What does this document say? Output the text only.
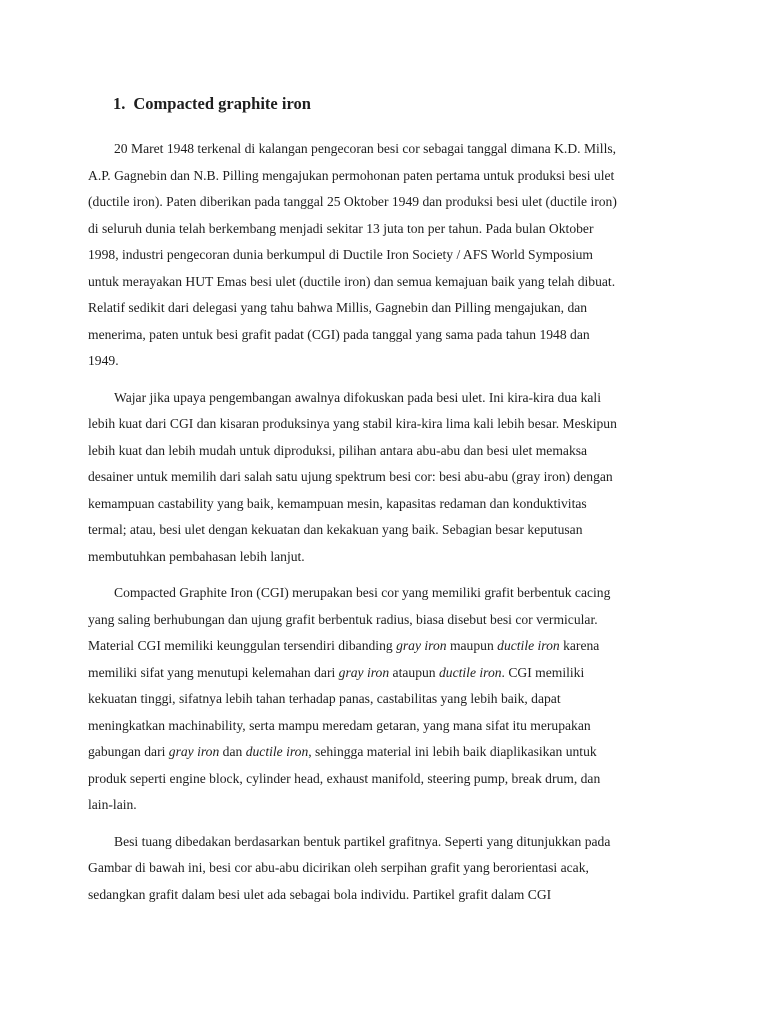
1. Compacted graphite iron

20 Maret 1948 terkenal di kalangan pengecoran besi cor sebagai tanggal dimana K.D. Mills,
A.P. Gagnebin dan N.B. Pilling mengajukan permohonan paten pertama untuk produksi besi ulet
(ductile iron). Paten diberikan pada tanggal 25 Oktober 1949 dan produksi besi ulet (ductile iron)
di seluruh dunia telah berkembang menjadi sekitar 13 juta ton per tahun. Pada bulan Oktober
1998, industri pengecoran dunia berkumpul di Ductile Iron Society / AFS World Symposium
untuk merayakan HUT Emas besi ulet (ductile iron) dan semua kemajuan baik yang telah dibuat.
Relatif sedikit dari delegasi yang tahu bahwa Millis, Gagnebin dan Pilling mengajukan, dan
menerima, paten untuk besi grafit padat (CGI) pada tanggal yang sama pada tahun 1948 dan
1949.

Wajar jika upaya pengembangan awalnya difokuskan pada besi ulet. Ini kira-kira dua kali
lebih kuat dari CGI dan kisaran produksinya yang stabil kira-kira lima kali lebih besar. Meskipun
lebih kuat dan lebih mudah untuk diproduksi, pilihan antara abu-abu dan besi ulet memaksa
desainer untuk memilih dari salah satu ujung spektrum besi cor: besi abu-abu (gray iron) dengan
kemampuan castability yang baik, kemampuan mesin, kapasitas redaman dan konduktivitas
termal; atau, besi ulet dengan kekuatan dan kekakuan yang baik. Sebagian besar keputusan
membutuhkan pembahasan lebih lanjut.

Compacted Graphite Iron (CGI) merupakan besi cor yang memiliki grafit berbentuk cacing
yang saling berhubungan dan ujung grafit berbentuk radius, biasa disebut besi cor vermicular.
Material CGI memiliki keunggulan tersendiri dibanding gray iron maupun ductile iron karena
memiliki sifat yang menutupi kelemahan dari gray iron ataupun ductile iron. CGI memiliki
kekuatan tinggi, sifatnya lebih tahan terhadap panas, castabilitas yang lebih baik, dapat
meningkatkan machinability, serta mampu meredam getaran, yang mana sifat itu merupakan
gabungan dari gray iron dan ductile iron, sehingga material ini lebih baik diaplikasikan untuk
produk seperti engine block, cylinder head, exhaust manifold, steering pump, break drum, dan
lain-lain.

Besi tuang dibedakan berdasarkan bentuk partikel grafitnya. Seperti yang ditunjukkan pada
Gambar di bawah ini, besi cor abu-abu dicirikan oleh serpihan grafit yang berorientasi acak,
sedangkan grafit dalam besi ulet ada sebagai bola individu. Partikel grafit dalam CGI
